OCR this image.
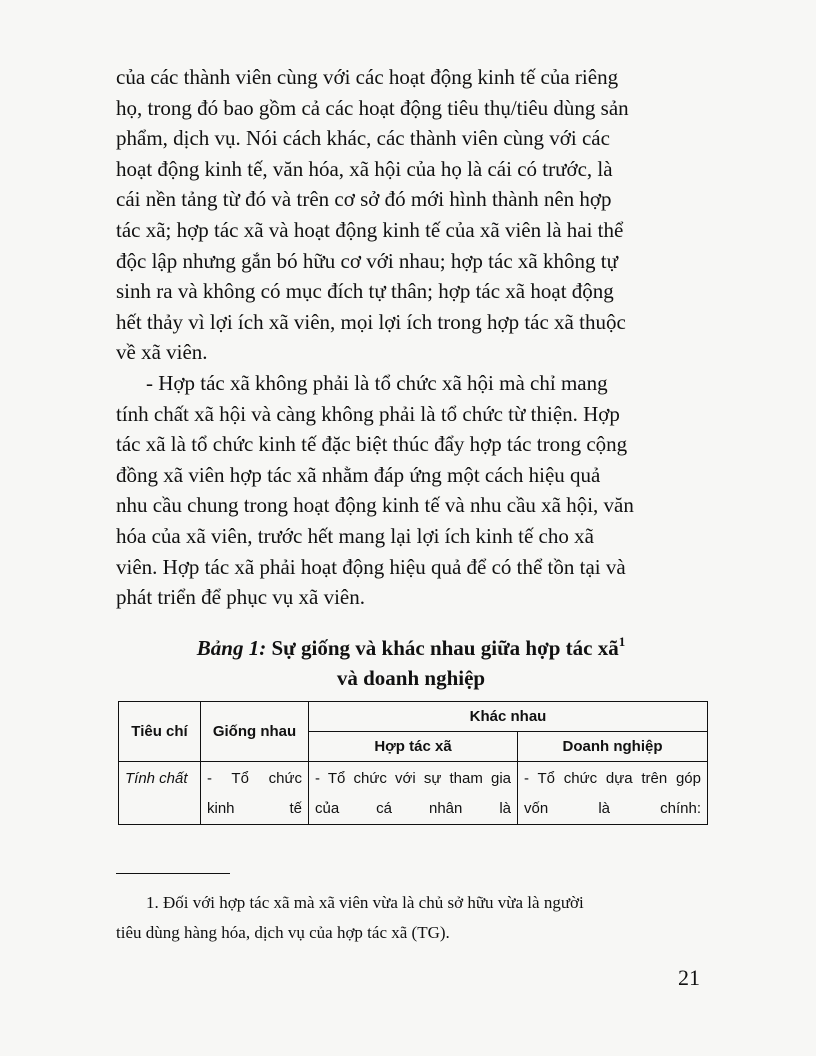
của các thành viên cùng với các hoạt động kinh tế của riêng
họ, trong đó bao gồm cả các hoạt động tiêu thụ/tiêu dùng sản
phẩm, dịch vụ. Nói cách khác, các thành viên cùng với các
hoạt động kinh tế, văn hóa, xã hội của họ là cái có trước, là
cái nền tảng từ đó và trên cơ sở đó mới hình thành nên hợp
tác xã; hợp tác xã và hoạt động kinh tế của xã viên là hai thể
độc lập nhưng gắn bó hữu cơ với nhau; hợp tác xã không tự
sinh ra và không có mục đích tự thân; hợp tác xã hoạt động
hết thảy vì lợi ích xã viên, mọi lợi ích trong hợp tác xã thuộc
về xã viên.

- Hợp tác xã không phải là tổ chức xã hội mà chỉ mang
tính chất xã hội và càng không phải là tổ chức từ thiện. Hợp
tác xã là tổ chức kinh tế đặc biệt thúc đẩy hợp tác trong cộng
đồng xã viên hợp tác xã nhằm đáp ứng một cách hiệu quả
nhu cầu chung trong hoạt động kinh tế và nhu cầu xã hội, văn
hóa của xã viên, trước hết mang lại lợi ích kinh tế cho xã
viên. Hợp tác xã phải hoạt động hiệu quả để có thể tồn tại và
phát triển để phục vụ xã viên.

Bảng 1: Sự giống và khác nhau giữa hợp tác $xã^1$
và doanh nghiệp
Tiêu chí	Giống nhau	Khác nhau	
		Hợp tác xã	Doanh nghiệp
Tính chất	- Tổ chức kinh tế	- Tổ chức với sự tham gia của cá nhân là	- Tổ chức dựa trên góp vốn là chính:
1. Đối với hợp tác xã mà xã viên vừa là chủ sở hữu vừa là người
tiêu dùng hàng hóa, dịch vụ của hợp tác xã (TG).
21
